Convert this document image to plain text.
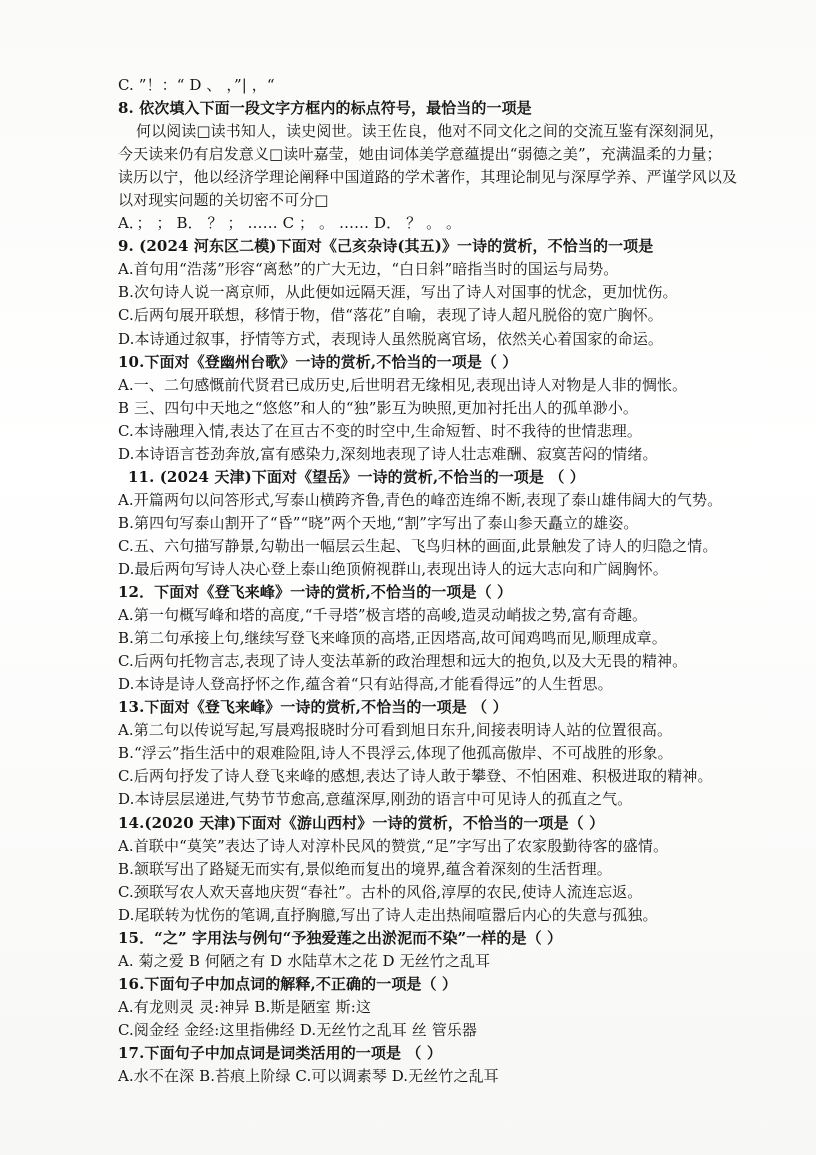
C. ”！：“ D 、 ，”| ，“
8. 依次填入下面一段文字方框内的标点符号，最恰当的一项是
何以阅读□读书知人，读史阅世。读王佐良，他对不同文化之间的交流互鉴有深刻洞见，
今天读来仍有启发意义□读叶嘉莹，她由词体美学意蕴提出“弱德之美”，充满温柔的力量；
读历以宁，他以经济学理论阐释中国道路的学术著作，其理论制见与深厚学养、严谨学风以及
以对现实问题的关切密不可分□
A．； ； B． ？ ； …… C ； 。 …… D． ？ 。 。
9. (2024 河东区二模)下面对《己亥杂诗(其五)》一诗的赏析，不恰当的一项是
A.首句用“浩荡”形容“离愁”的广大无边，“白日斜”暗指当时的国运与局势。
B.次句诗人说一离京师，从此便如远隔天涯，写出了诗人对国事的忧念，更加忧伤。
C.后两句展开联想，移情于物，借“落花”自喻，表现了诗人超凡脱俗的宽广胸怀。
D.本诗通过叙事，抒情等方式，表现诗人虽然脱离官场，依然关心着国家的命运。
10.下面对《登幽州台歌》一诗的赏析,不恰当的一项是（ ）
A.一、二句感慨前代贤君已成历史,后世明君无缘相见,表现出诗人对物是人非的惆怅。
B 三、四句中天地之“悠悠”和人的“独”影互为映照,更加衬托出人的孤单渺小。
C.本诗融理入情,表达了在亘古不变的时空中,生命短暂、时不我待的世情悲理。
D.本诗语言苍劲奔放,富有感染力,深刻地表现了诗人壮志难酬、寂寞苦闷的情绪。
11. (2024 天津)下面对《望岳》一诗的赏析,不恰当的一项是 （ ）
A.开篇两句以问答形式,写泰山横跨齐鲁,青色的峰峦连绵不断,表现了泰山雄伟阔大的气势。
B.第四句写泰山割开了“昏”“晓”两个天地,“割”字写出了泰山参天矗立的雄姿。
C.五、六句描写静景,勾勒出一幅层云生起、飞鸟归林的画面,此景触发了诗人的归隐之情。
D.最后两句写诗人决心登上泰山绝顶俯视群山,表现出诗人的远大志向和广阔胸怀。
12．下面对《登飞来峰》一诗的赏析,不恰当的一项是（ ）
A.第一句概写峰和塔的高度,“千寻塔”极言塔的高峻,造灵动峭拔之势,富有奇趣。
B.第二句承接上句,继续写登飞来峰顶的高塔,正因塔高,故可闻鸡鸣而见,顺理成章。
C.后两句托物言志,表现了诗人变法革新的政治理想和远大的抱负,以及大无畏的精神。
D.本诗是诗人登高抒怀之作,蕴含着“只有站得高,才能看得远”的人生哲思。
13.下面对《登飞来峰》一诗的赏析,不恰当的一项是 （ ）
A.第二句以传说写起,写晨鸡报晓时分可看到旭日东升,间接表明诗人站的位置很高。
B.“浮云”指生活中的艰难险阻,诗人不畏浮云,体现了他孤高傲岸、不可战胜的形象。
C.后两句抒发了诗人登飞来峰的感想,表达了诗人敢于攀登、不怕困难、积极进取的精神。
D.本诗层层递进,气势节节愈高,意蕴深厚,刚劲的语言中可见诗人的孤直之气。
14.(2020 天津)下面对《游山西村》一诗的赏析，不恰当的一项是（ ）
A.首联中“莫笑”表达了诗人对淳朴民风的赞赏,“足”字写出了农家殷勤待客的盛情。
B.颔联写出了路疑无而实有,景似绝而复出的境界,蕴含着深刻的生活哲理。
C.颈联写农人欢天喜地庆贺“春社”。古朴的风俗,淳厚的农民,使诗人流连忘返。
D.尾联转为忧伤的笔调,直抒胸臆,写出了诗人走出热闹喧嚣后内心的失意与孤独。
15．“之” 字用法与例句“予独爱莲之出淤泥而不染”一样的是（ ）
A. 菊之爱 B 何陋之有 D 水陆草木之花 D 无丝竹之乱耳
16.下面句子中加点词的解释,不正确的一项是（ ）
A.有龙则灵 灵:神异 B.斯是陋室 斯:这
C.阅金经 金经:这里指佛经 D.无丝竹之乱耳 丝 管乐器
17.下面句子中加点词是词类活用的一项是 （ ）
A.水不在深 B.苔痕上阶绿 C.可以调素琴 D.无丝竹之乱耳
